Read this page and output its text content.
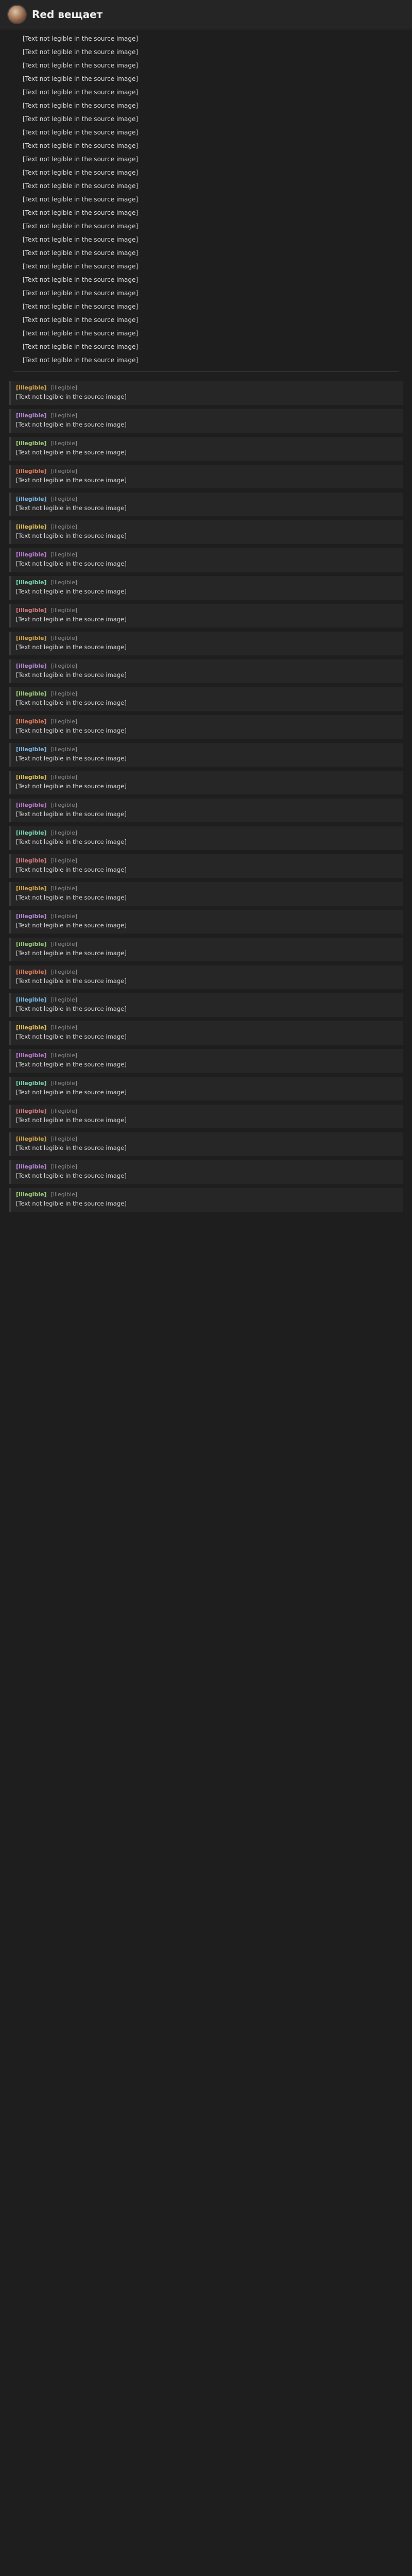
Red вещает

[Text not legible in the source image]

[Text not legible in the source image]

[Text not legible in the source image]

[Text not legible in the source image]

[Text not legible in the source image]

[Text not legible in the source image]

[Text not legible in the source image]

[Text not legible in the source image]

[Text not legible in the source image]

[Text not legible in the source image]

[Text not legible in the source image]

[Text not legible in the source image]

[Text not legible in the source image]

[Text not legible in the source image]

[Text not legible in the source image]

[Text not legible in the source image]

[Text not legible in the source image]

[Text not legible in the source image]

[Text not legible in the source image]

[Text not legible in the source image]

[Text not legible in the source image]

[Text not legible in the source image]

[Text not legible in the source image]

[Text not legible in the source image]

[Text not legible in the source image]

[illegible] [illegible]
[Text not legible in the source image]
[illegible] [illegible]
[Text not legible in the source image]
[illegible] [illegible]
[Text not legible in the source image]
[illegible] [illegible]
[Text not legible in the source image]
[illegible] [illegible]
[Text not legible in the source image]
[illegible] [illegible]
[Text not legible in the source image]
[illegible] [illegible]
[Text not legible in the source image]
[illegible] [illegible]
[Text not legible in the source image]
[illegible] [illegible]
[Text not legible in the source image]
[illegible] [illegible]
[Text not legible in the source image]
[illegible] [illegible]
[Text not legible in the source image]
[illegible] [illegible]
[Text not legible in the source image]
[illegible] [illegible]
[Text not legible in the source image]
[illegible] [illegible]
[Text not legible in the source image]
[illegible] [illegible]
[Text not legible in the source image]
[illegible] [illegible]
[Text not legible in the source image]
[illegible] [illegible]
[Text not legible in the source image]
[illegible] [illegible]
[Text not legible in the source image]
[illegible] [illegible]
[Text not legible in the source image]
[illegible] [illegible]
[Text not legible in the source image]
[illegible] [illegible]
[Text not legible in the source image]
[illegible] [illegible]
[Text not legible in the source image]
[illegible] [illegible]
[Text not legible in the source image]
[illegible] [illegible]
[Text not legible in the source image]
[illegible] [illegible]
[Text not legible in the source image]
[illegible] [illegible]
[Text not legible in the source image]
[illegible] [illegible]
[Text not legible in the source image]
[illegible] [illegible]
[Text not legible in the source image]
[illegible] [illegible]
[Text not legible in the source image]
[illegible] [illegible]
[Text not legible in the source image]
